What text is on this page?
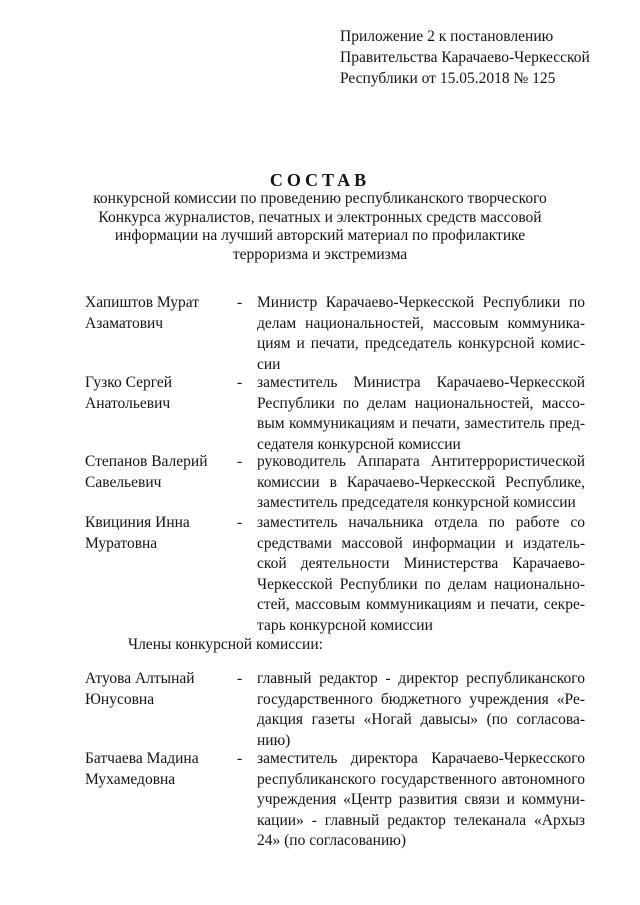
Приложение 2 к постановлению
Правительства Карачаево-Черкесской
Республики от 15.05.2018 № 125
СОСТАВ
конкурсной комиссии по проведению республиканского творческого
Конкурса журналистов, печатных и электронных средств массовой
информации на лучший авторский материал по профилактике
терроризма и экстремизма
Хапиштов Мурат
Азаматович
- Министр Карачаево-Черкесской Республики по
делам национальностей, массовым коммуника-
циям и печати, председатель конкурсной комис-
сии
Гузко Сергей
Анатольевич
- заместитель Министра Карачаево-Черкесской
Республики по делам национальностей, массо-
вым коммуникациям и печати, заместитель пред-
седателя конкурсной комиссии
Степанов Валерий
Савельевич
- руководитель Аппарата Антитеррористической
комиссии в Карачаево-Черкесской Республике,
заместитель председателя конкурсной комиссии
Квициния Инна
Муратовна
- заместитель начальника отдела по работе со
средствами массовой информации и издатель-
ской деятельности Министерства Карачаево-
Черкесской Республики по делам национально-
стей, массовым коммуникациям и печати, секре-
тарь конкурсной комиссии
Члены конкурсной комиссии:
Атуова Алтынай
Юнусовна
- главный редактор - директор республиканского
государственного бюджетного учреждения «Ре-
дакция газеты «Ногай давысы» (по согласова-
нию)
Батчаева Мадина
Мухамедовна
- заместитель директора Карачаево-Черкесского
республиканского государственного автономного
учреждения «Центр развития связи и коммуни-
кации» - главный редактор телеканала «Архыз
24» (по согласованию)
